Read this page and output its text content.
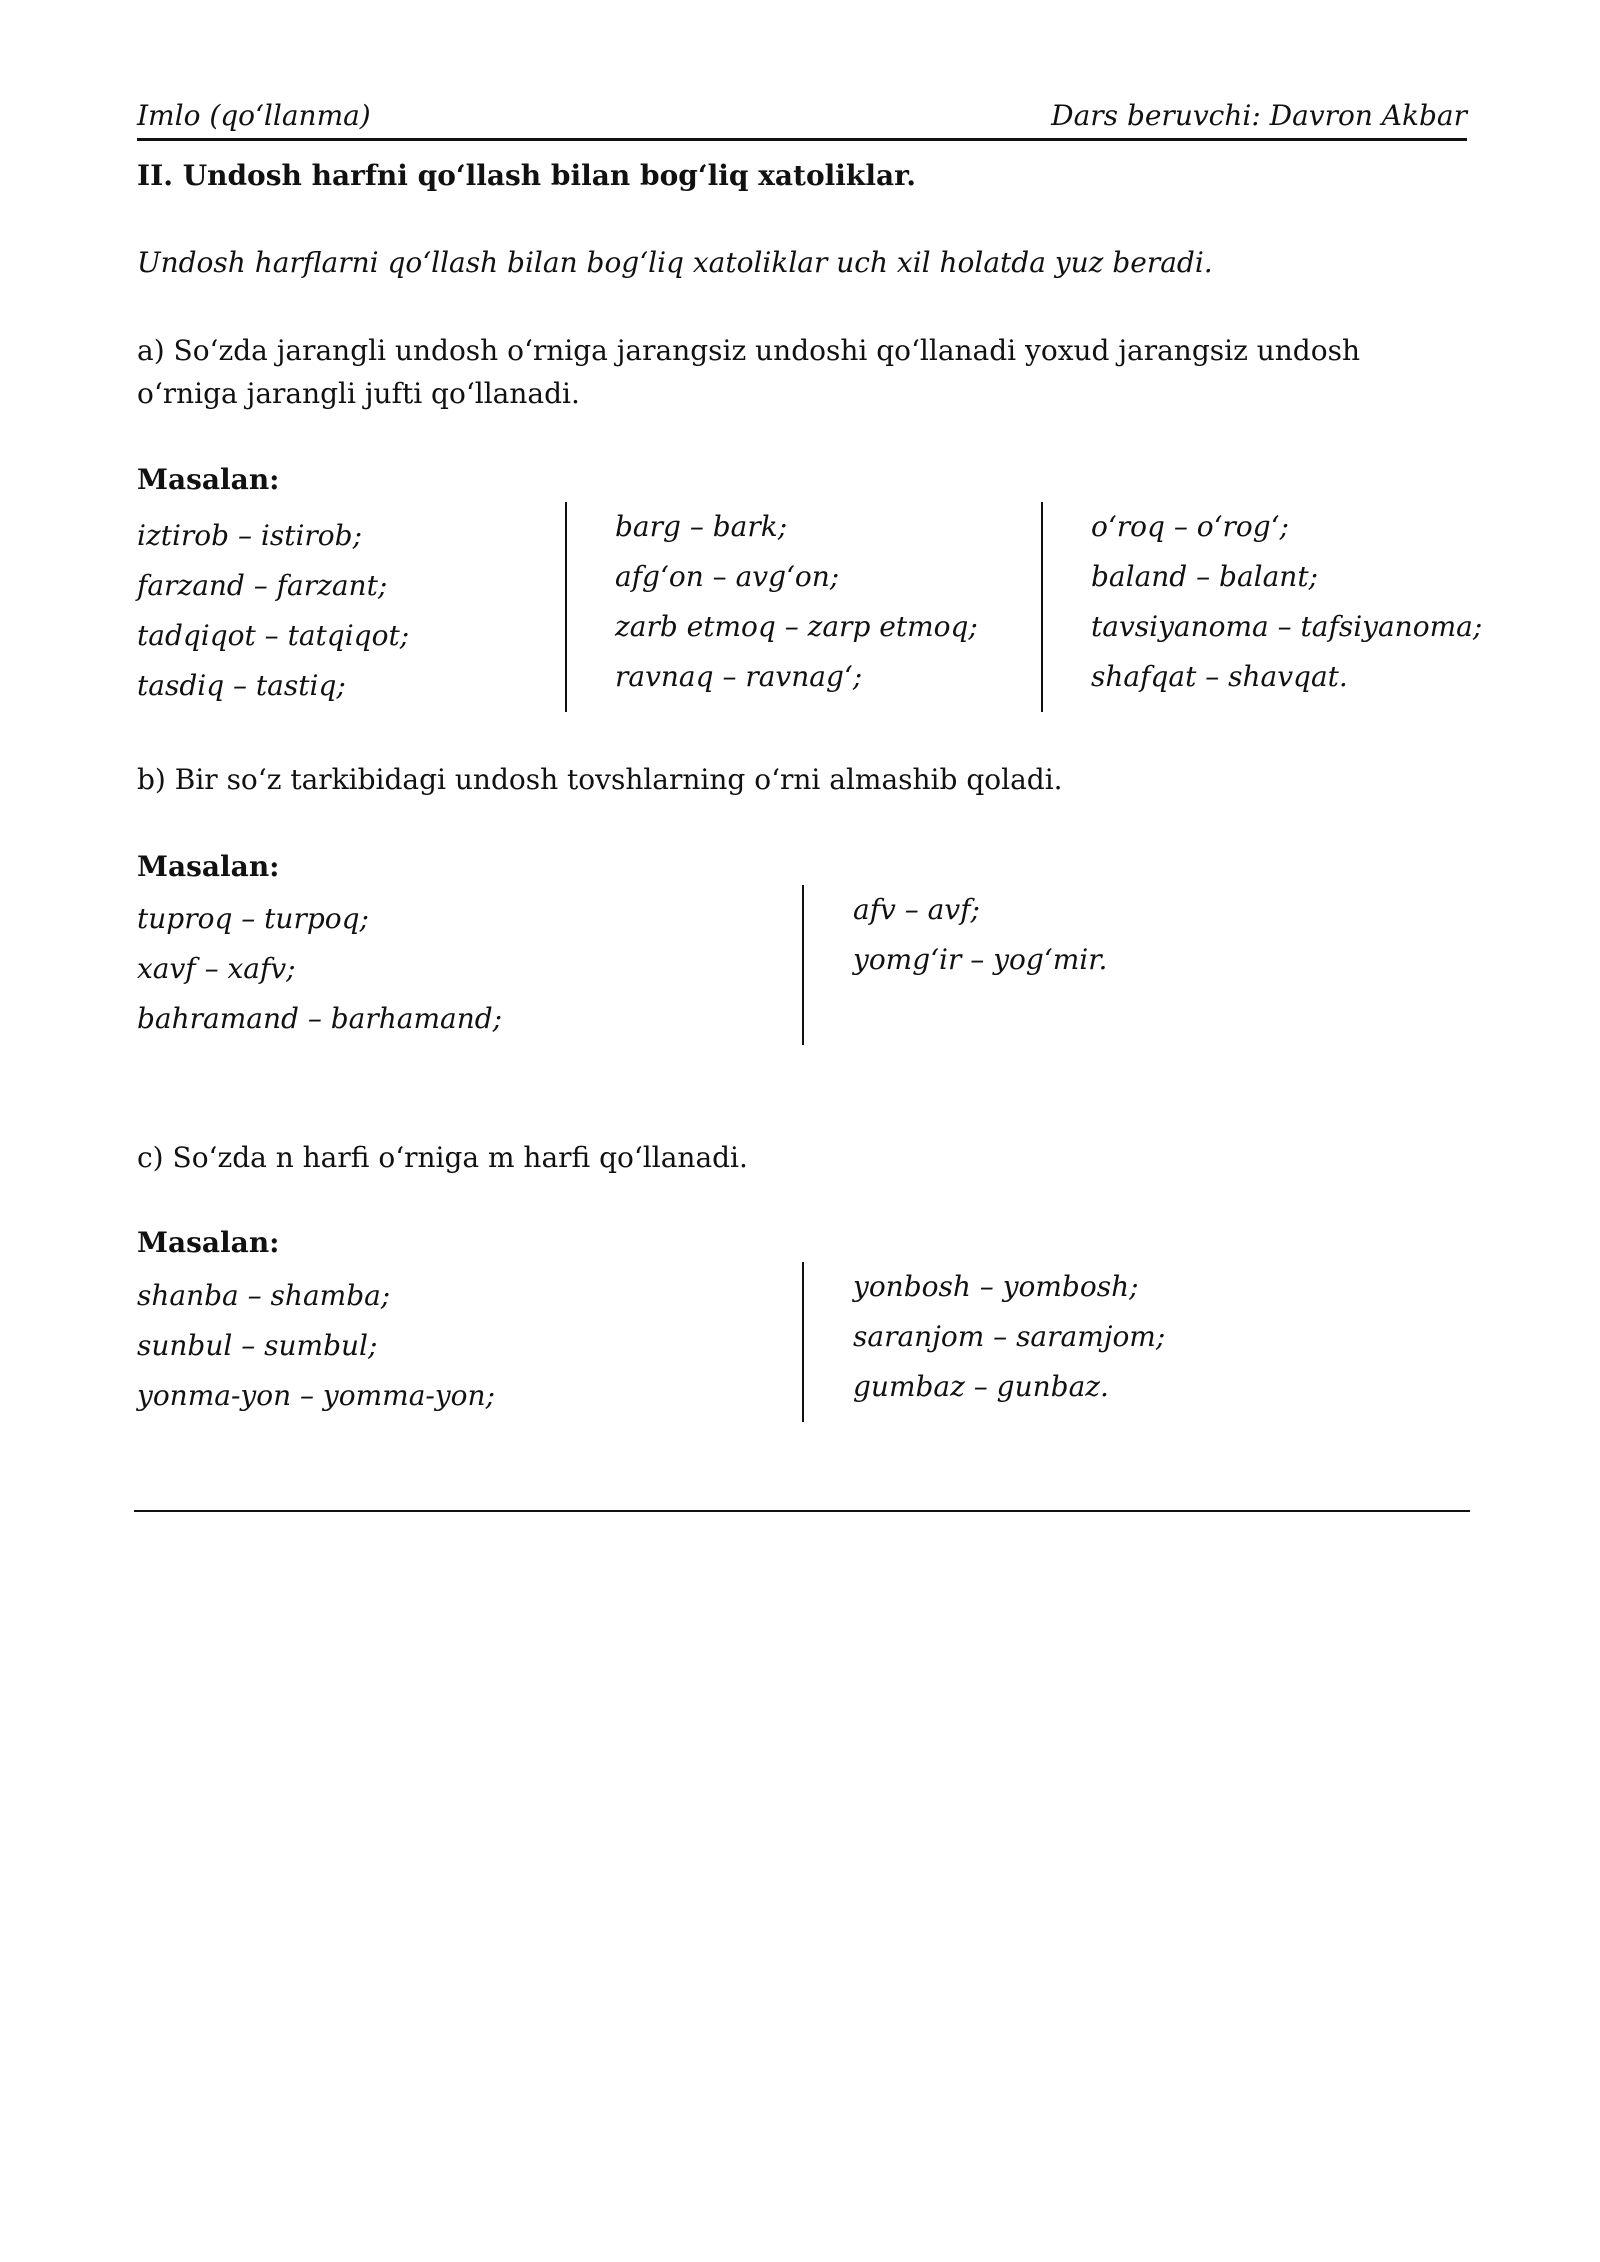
Imlo (qo‘llanma)	Dars beruvchi: Davron Akbar
II. Undosh harfni qo‘llash bilan bog‘liq xatoliklar.
Undosh harflarni qo‘llash bilan bog‘liq xatoliklar uch xil holatda yuz beradi.
a) So‘zda jarangli undosh o‘rniga jarangsiz undoshi qo‘llanadi yoxud jarangsiz undosh o‘rniga jarangli jufti qo‘llanadi.
Masalan:
iztirob – istirob;
farzand – farzant;
tadqiqot – tatqiqot;
tasdiq – tastiq;
barg – bark;
afg‘on – avg‘on;
zarb etmoq – zarp etmoq;
ravnaq – ravnag‘;
o‘roq – o‘rog‘;
baland – balant;
tavsiyanoma – tafsiyanoma;
shafqat – shavqat.
b) Bir so‘z tarkibidagi undosh tovshlarning o‘rni almashib qoladi.
Masalan:
tuproq – turpoq;
xavf – xafv;
bahramand – barhamand;
afv – avf;
yomg‘ir – yog‘mir.
c) So‘zda n harfi o‘rniga m harfi qo‘llanadi.
Masalan:
shanba – shamba;
sunbul – sumbul;
yonma-yon – yomma-yon;
yonbosh – yombosh;
saranjom – saramjom;
gumbaz – gunbaz.
